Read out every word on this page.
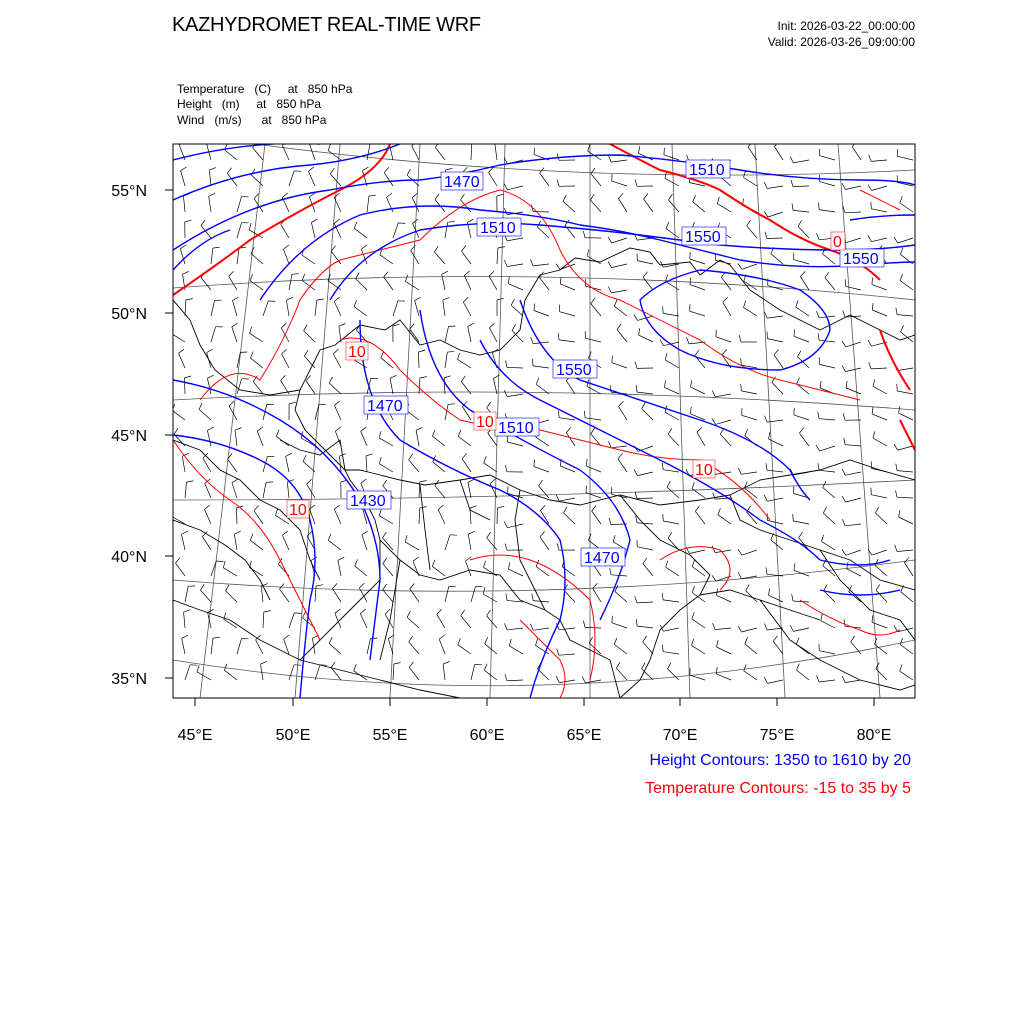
KAZHYDROMET REAL-TIME WRF	Init: 2026-03-22_00:00:00
Valid: 2026-03-26_09:00:00
Temperature   (C)     at   850 hPa
Height   (m)     at   850 hPa
Wind   (m/s)      at   850 hPa
1470
1510
1510
1550
1550
1550
1470
1510
1430
1470
10
10
10
10
0
45°E	50°E	55°E	60°E	65°E	70°E	75°E	80°E
55°N
50°N
45°N
40°N
35°N
Height Contours: 1350 to 1610 by 20
Temperature Contours: -15 to 35 by 5
